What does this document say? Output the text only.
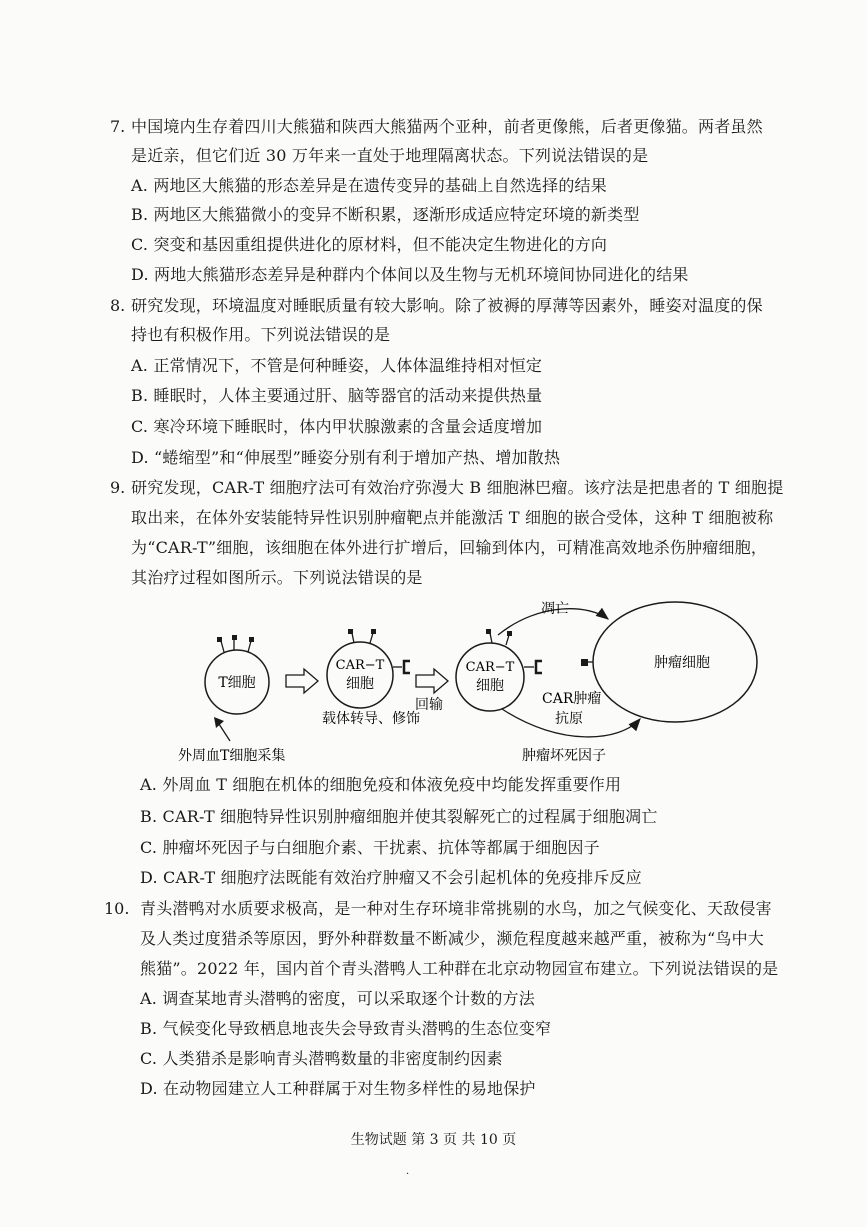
7. 中国境内生存着四川大熊猫和陕西大熊猫两个亚种，前者更像熊，后者更像猫。两者虽然
是近亲，但它们近 30 万年来一直处于地理隔离状态。下列说法错误的是
A. 两地区大熊猫的形态差异是在遗传变异的基础上自然选择的结果
B. 两地区大熊猫微小的变异不断积累，逐渐形成适应特定环境的新类型
C. 突变和基因重组提供进化的原材料，但不能决定生物进化的方向
D. 两地大熊猫形态差异是种群内个体间以及生物与无机环境间协同进化的结果
8. 研究发现，环境温度对睡眠质量有较大影响。除了被褥的厚薄等因素外，睡姿对温度的保
持也有积极作用。下列说法错误的是
A. 正常情况下，不管是何种睡姿，人体体温维持相对恒定
B. 睡眠时，人体主要通过肝、脑等器官的活动来提供热量
C. 寒冷环境下睡眠时，体内甲状腺激素的含量会适度增加
D. “蜷缩型”和“伸展型”睡姿分别有利于增加产热、增加散热
9. 研究发现，CAR-T 细胞疗法可有效治疗弥漫大 B 细胞淋巴瘤。该疗法是把患者的 T 细胞提
取出来，在体外安装能特异性识别肿瘤靶点并能激活 T 细胞的嵌合受体，这种 T 细胞被称
为“CAR-T”细胞，该细胞在体外进行扩增后，回输到体内，可精准高效地杀伤肿瘤细胞，
其治疗过程如图所示。下列说法错误的是
T细胞
CAR−T
细胞
CAR−T
细胞
肿瘤细胞
载体转导、修饰
回输
凋亡
CAR肿瘤
抗原
肿瘤坏死因子
外周血T细胞采集
A. 外周血 T 细胞在机体的细胞免疫和体液免疫中均能发挥重要作用
B. CAR-T 细胞特异性识别肿瘤细胞并使其裂解死亡的过程属于细胞凋亡
C. 肿瘤坏死因子与白细胞介素、干扰素、抗体等都属于细胞因子
D. CAR-T 细胞疗法既能有效治疗肿瘤又不会引起机体的免疫排斥反应
10. 青头潜鸭对水质要求极高，是一种对生存环境非常挑剔的水鸟，加之气候变化、天敌侵害
及人类过度猎杀等原因，野外种群数量不断减少，濒危程度越来越严重，被称为“鸟中大
熊猫”。2022 年，国内首个青头潜鸭人工种群在北京动物园宣布建立。下列说法错误的是
A. 调查某地青头潜鸭的密度，可以采取逐个计数的方法
B. 气候变化导致栖息地丧失会导致青头潜鸭的生态位变窄
C. 人类猎杀是影响青头潜鸭数量的非密度制约因素
D. 在动物园建立人工种群属于对生物多样性的易地保护
生物试题 第 3 页 共 10 页
.
